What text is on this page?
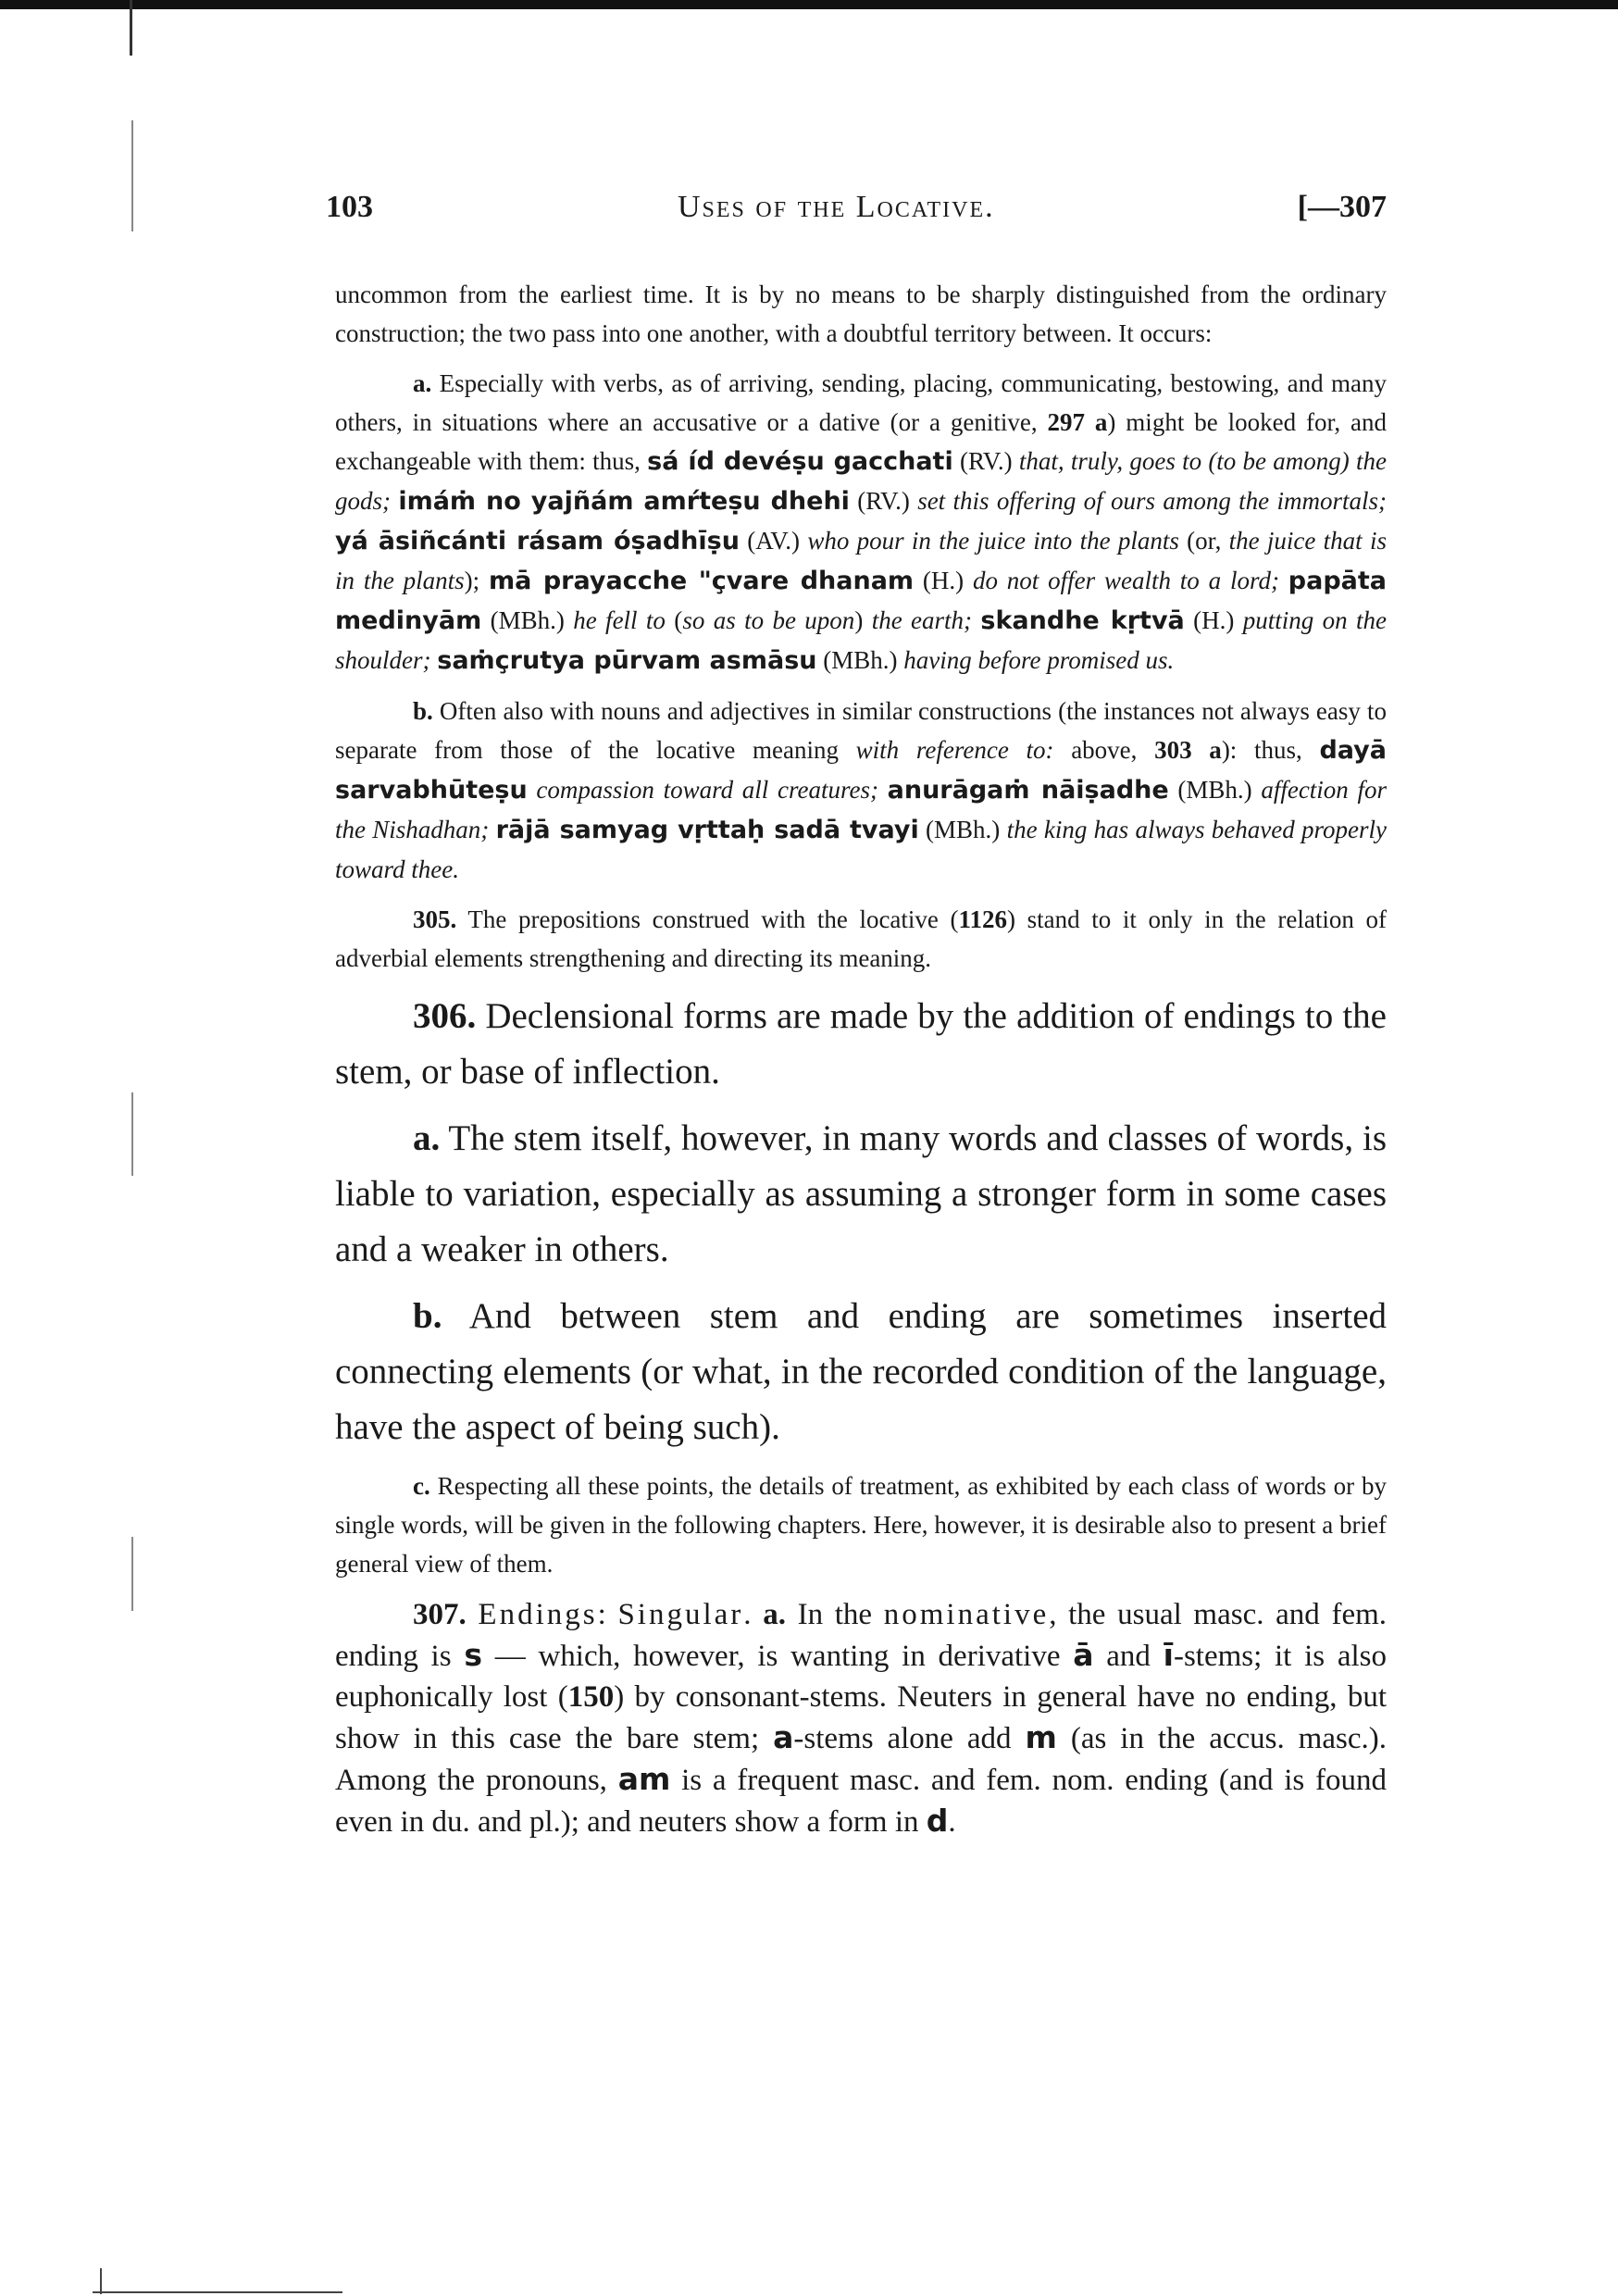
103	Uses of the Locative.	[—307

uncommon from the earliest time. It is by no means to be sharply distinguished from the ordinary construction; the two pass into one another, with a doubtful territory between. It occurs:

a. Especially with verbs, as of arriving, sending, placing, communicating, bestowing, and many others, in situations where an accusative or a dative (or a genitive, 297 a) might be looked for, and exchangeable with them: thus, sá íd devéṣu gacchati (RV.) that, truly, goes to (to be among) the gods; imáṁ no yajñám amŕteṣu dhehi (RV.) set this offering of ours among the immortals; yá āsiñcánti rásam óṣadhīṣu (AV.) who pour in the juice into the plants (or, the juice that is in the plants); mā prayacche "çvare dhanam (H.) do not offer wealth to a lord; papāta medinyām (MBh.) he fell to (so as to be upon) the earth; skandhe kṛtvā (H.) putting on the shoulder; saṁçrutya pūrvam asmāsu (MBh.) having before promised us.

b. Often also with nouns and adjectives in similar constructions (the instances not always easy to separate from those of the locative meaning with reference to: above, 303 a): thus, dayā sarvabhūteṣu compassion toward all creatures; anurāgaṁ nāiṣadhe (MBh.) affection for the Nishadhan; rājā samyag vṛttaḥ sadā tvayi (MBh.) the king has always behaved properly toward thee.

305. The prepositions construed with the locative (1126) stand to it only in the relation of adverbial elements strengthening and directing its meaning.

306. Declensional forms are made by the addition of endings to the stem, or base of inflection.

a. The stem itself, however, in many words and classes of words, is liable to variation, especially as assuming a stronger form in some cases and a weaker in others.

b. And between stem and ending are sometimes inserted connecting elements (or what, in the recorded condition of the language, have the aspect of being such).

c. Respecting all these points, the details of treatment, as exhibited by each class of words or by single words, will be given in the following chapters. Here, however, it is desirable also to present a brief general view of them.

307. Endings: Singular. a. In the nominative, the usual masc. and fem. ending is s — which, however, is wanting in derivative ā and ī-stems; it is also euphonically lost (150) by consonant-stems. Neuters in general have no ending, but show in this case the bare stem; a-stems alone add m (as in the accus. masc.). Among the pronouns, am is a frequent masc. and fem. nom. ending (and is found even in du. and pl.); and neuters show a form in d.
